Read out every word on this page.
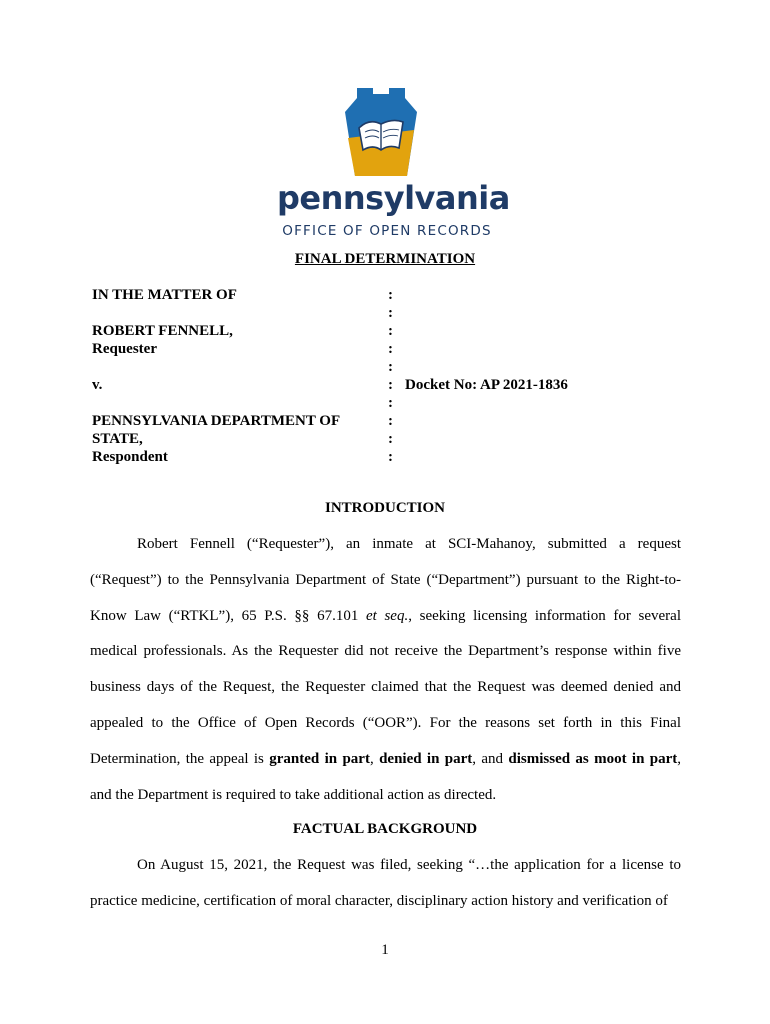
pennsylvania
OFFICE OF OPEN RECORDS
FINAL DETERMINATION
IN THE MATTER OF
ROBERT FENNELL,
Requester
v.
PENNSYLVANIA DEPARTMENT OF
STATE,
Respondent
:
:
:
:
:
:
:
:
:
:
Docket No: AP 2021-1836
INTRODUCTION

Robert Fennell (“Requester”), an inmate at SCI-Mahanoy, submitted a request (“Request”) to the Pennsylvania Department of State (“Department”) pursuant to the Right-to-Know Law (“RTKL”), 65 P.S. §§ 67.101 et seq., seeking licensing information for several medical professionals. As the Requester did not receive the Department’s response within five business days of the Request, the Requester claimed that the Request was deemed denied and appealed to the Office of Open Records (“OOR”). For the reasons set forth in this Final Determination, the appeal is granted in part, denied in part, and dismissed as moot in part, and the Department is required to take additional action as directed.

FACTUAL BACKGROUND

On August 15, 2021, the Request was filed, seeking “…the application for a license to practice medicine, certification of moral character, disciplinary action history and verification of

1
